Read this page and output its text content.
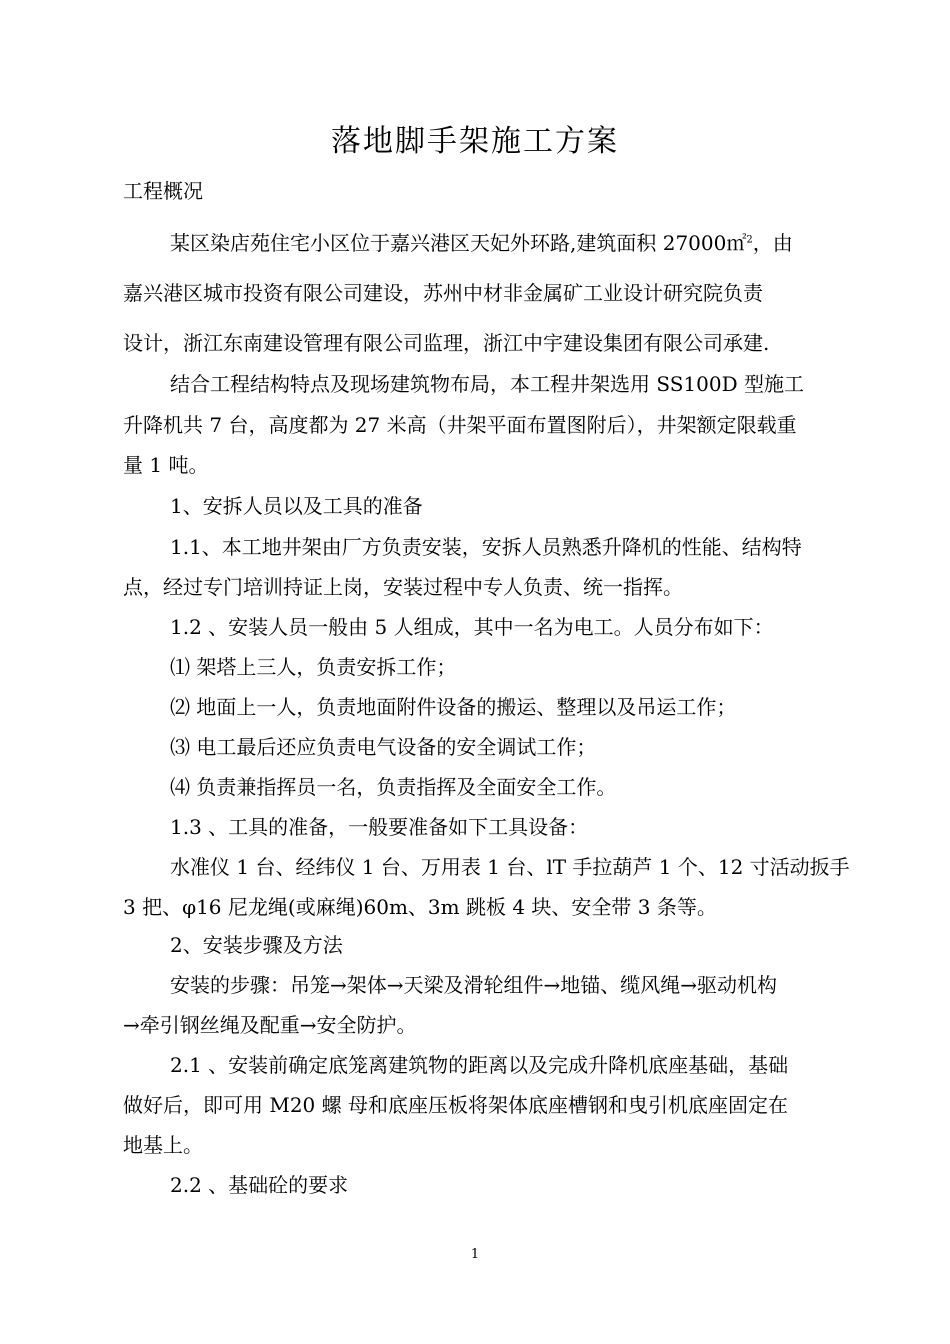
落地脚手架施工方案
工程概况
某区染店苑住宅小区位于嘉兴港区天妃外环路,建筑面积 27000㎡$^2$，由
嘉兴港区城市投资有限公司建设，苏州中材非金属矿工业设计研究院负责
设计，浙江东南建设管理有限公司监理，浙江中宇建设集团有限公司承建.
结合工程结构特点及现场建筑物布局，本工程井架选用 SS100D 型施工
升降机共 7 台，高度都为 27 米高（井架平面布置图附后），井架额定限载重
量 1 吨。
1、安拆人员以及工具的准备
1.1、本工地井架由厂方负责安装，安拆人员熟悉升降机的性能、结构特
点，经过专门培训持证上岗，安装过程中专人负责、统一指挥。
1.2 、安装人员一般由 5 人组成，其中一名为电工。人员分布如下：
⑴ 架塔上三人，负责安拆工作；
⑵ 地面上一人，负责地面附件设备的搬运、整理以及吊运工作；
⑶ 电工最后还应负责电气设备的安全调试工作；
⑷ 负责兼指挥员一名，负责指挥及全面安全工作。
1.3 、工具的准备，一般要准备如下工具设备：
水准仪 1 台、经纬仪 1 台、万用表 1 台、lT 手拉葫芦 1 个、12 寸活动扳手
3 把、φ16 尼龙绳(或麻绳)60m、3m 跳板 4 块、安全带 3 条等。
2、安装步骤及方法
安装的步骤：吊笼→架体→天梁及滑轮组件→地锚、缆风绳→驱动机构
→牵引钢丝绳及配重→安全防护。
2.1 、安装前确定底笼离建筑物的距离以及完成升降机底座基础，基础
做好后，即可用 M20 螺 母和底座压板将架体底座槽钢和曳引机底座固定在
地基上。
2.2 、基础砼的要求
1
